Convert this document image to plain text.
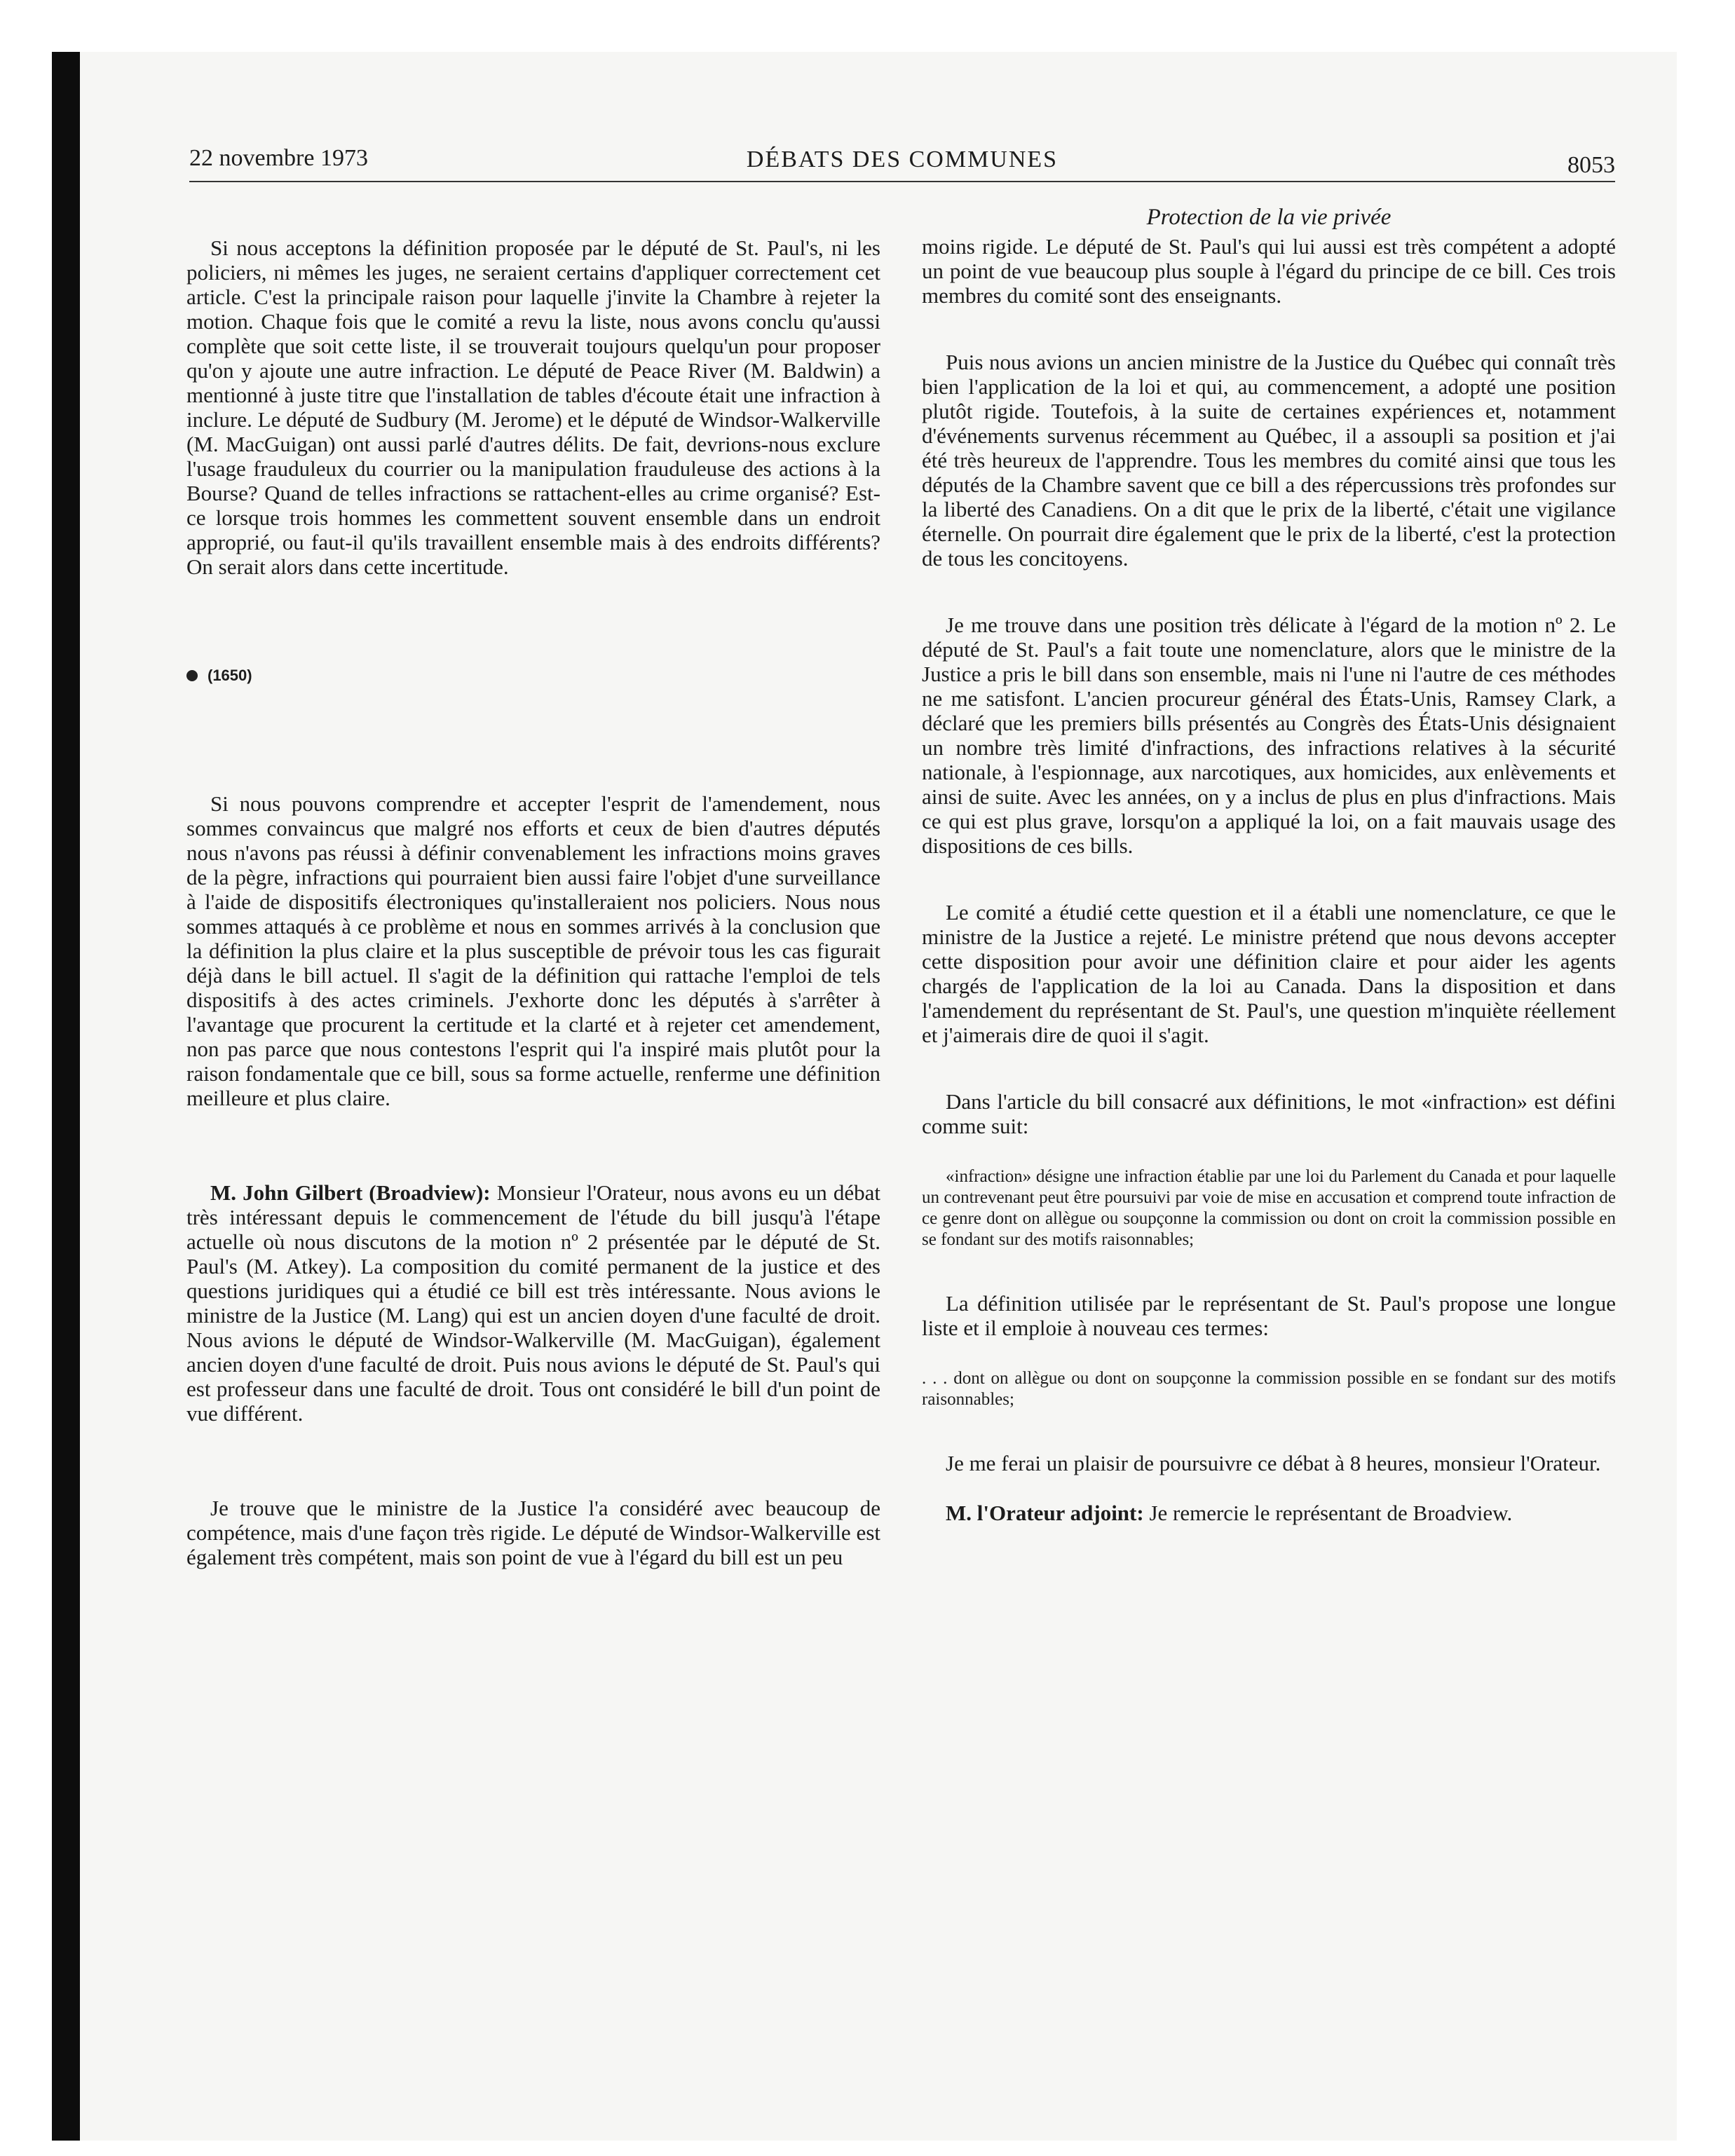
22 novembre 1973	DÉBATS DES COMMUNES	8053

Si nous acceptons la définition proposée par le député de St. Paul's, ni les policiers, ni mêmes les juges, ne seraient certains d'appliquer correctement cet article. C'est la principale raison pour laquelle j'invite la Chambre à rejeter la motion. Chaque fois que le comité a revu la liste, nous avons conclu qu'aussi complète que soit cette liste, il se trouverait toujours quelqu'un pour proposer qu'on y ajoute une autre infraction. Le député de Peace River (M. Baldwin) a mentionné à juste titre que l'installation de tables d'écoute était une infraction à inclure. Le député de Sudbury (M. Jerome) et le député de Windsor-Walkerville (M. MacGuigan) ont aussi parlé d'autres délits. De fait, devrions-nous exclure l'usage frauduleux du courrier ou la manipulation frauduleuse des actions à la Bourse? Quand de telles infractions se rattachent-elles au crime organisé? Est-ce lorsque trois hommes les commettent souvent ensemble dans un endroit approprié, ou faut-il qu'ils travaillent ensemble mais à des endroits différents? On serait alors dans cette incertitude.

(1650)

Si nous pouvons comprendre et accepter l'esprit de l'amendement, nous sommes convaincus que malgré nos efforts et ceux de bien d'autres députés nous n'avons pas réussi à définir convenablement les infractions moins graves de la pègre, infractions qui pourraient bien aussi faire l'objet d'une surveillance à l'aide de dispositifs électroniques qu'installeraient nos policiers. Nous nous sommes attaqués à ce problème et nous en sommes arrivés à la conclusion que la définition la plus claire et la plus susceptible de prévoir tous les cas figurait déjà dans le bill actuel. Il s'agit de la définition qui rattache l'emploi de tels dispositifs à des actes criminels. J'exhorte donc les députés à s'arrêter à l'avantage que procurent la certitude et la clarté et à rejeter cet amendement, non pas parce que nous contestons l'esprit qui l'a inspiré mais plutôt pour la raison fondamentale que ce bill, sous sa forme actuelle, renferme une définition meilleure et plus claire.

M. John Gilbert (Broadview): Monsieur l'Orateur, nous avons eu un débat très intéressant depuis le commencement de l'étude du bill jusqu'à l'étape actuelle où nous discutons de la motion nº 2 présentée par le député de St. Paul's (M. Atkey). La composition du comité permanent de la justice et des questions juridiques qui a étudié ce bill est très intéressante. Nous avions le ministre de la Justice (M. Lang) qui est un ancien doyen d'une faculté de droit. Nous avions le député de Windsor-Walkerville (M. MacGuigan), également ancien doyen d'une faculté de droit. Puis nous avions le député de St. Paul's qui est professeur dans une faculté de droit. Tous ont considéré le bill d'un point de vue différent.

Je trouve que le ministre de la Justice l'a considéré avec beaucoup de compétence, mais d'une façon très rigide. Le député de Windsor-Walkerville est également très compétent, mais son point de vue à l'égard du bill est un peu

Protection de la vie privée

moins rigide. Le député de St. Paul's qui lui aussi est très compétent a adopté un point de vue beaucoup plus souple à l'égard du principe de ce bill. Ces trois membres du comité sont des enseignants.

Puis nous avions un ancien ministre de la Justice du Québec qui connaît très bien l'application de la loi et qui, au commencement, a adopté une position plutôt rigide. Toutefois, à la suite de certaines expériences et, notamment d'événements survenus récemment au Québec, il a assoupli sa position et j'ai été très heureux de l'apprendre. Tous les membres du comité ainsi que tous les députés de la Chambre savent que ce bill a des répercussions très profondes sur la liberté des Canadiens. On a dit que le prix de la liberté, c'était une vigilance éternelle. On pourrait dire également que le prix de la liberté, c'est la protection de tous les concitoyens.

Je me trouve dans une position très délicate à l'égard de la motion nº 2. Le député de St. Paul's a fait toute une nomenclature, alors que le ministre de la Justice a pris le bill dans son ensemble, mais ni l'une ni l'autre de ces méthodes ne me satisfont. L'ancien procureur général des États-Unis, Ramsey Clark, a déclaré que les premiers bills présentés au Congrès des États-Unis désignaient un nombre très limité d'infractions, des infractions relatives à la sécurité nationale, à l'espionnage, aux narcotiques, aux homicides, aux enlèvements et ainsi de suite. Avec les années, on y a inclus de plus en plus d'infractions. Mais ce qui est plus grave, lorsqu'on a appliqué la loi, on a fait mauvais usage des dispositions de ces bills.

Le comité a étudié cette question et il a établi une nomenclature, ce que le ministre de la Justice a rejeté. Le ministre prétend que nous devons accepter cette disposition pour avoir une définition claire et pour aider les agents chargés de l'application de la loi au Canada. Dans la disposition et dans l'amendement du représentant de St. Paul's, une question m'inquiète réellement et j'aimerais dire de quoi il s'agit.

Dans l'article du bill consacré aux définitions, le mot «infraction» est défini comme suit:

«infraction» désigne une infraction établie par une loi du Parlement du Canada et pour laquelle un contrevenant peut être poursuivi par voie de mise en accusation et comprend toute infraction de ce genre dont on allègue ou soupçonne la commission ou dont on croit la commission possible en se fondant sur des motifs raisonnables;

La définition utilisée par le représentant de St. Paul's propose une longue liste et il emploie à nouveau ces termes:

. . . dont on allègue ou dont on soupçonne la commission possible en se fondant sur des motifs raisonnables;

Je me ferai un plaisir de poursuivre ce débat à 8 heures, monsieur l'Orateur.

M. l'Orateur adjoint: Je remercie le représentant de Broadview.
